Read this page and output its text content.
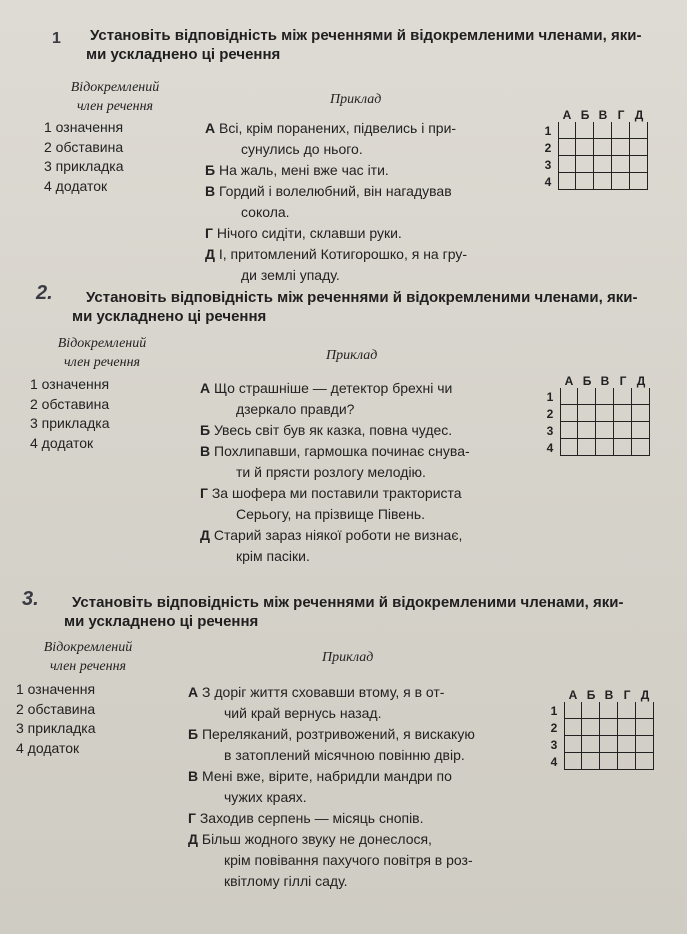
1 Установіть відповідність між реченнями й відокремленими членами, яки-
ми ускладнено ці речення
Відокремлений
член речення	Приклад
1 означення
2 обставина
3 прикладка
4 додаток
А Всі, крім поранених, підвелись і при-
сунулись до нього.
Б На жаль, мені вже час іти.
В Гордий і волелюбний, він нагадував
сокола.
Г Нічого сидіти, склавши руки.
Д І, притомлений Котигорошко, я на гру-
ди землі упаду.
	А	Б	В	Г	Д
1					
2					
3					
4					
2. Установіть відповідність між реченнями й відокремленими членами, яки-
ми ускладнено ці речення
Відокремлений
член речення	Приклад
1 означення
2 обставина
3 прикладка
4 додаток
А Що страшніше — детектор брехні чи
дзеркало правди?
Б Увесь світ був як казка, повна чудес.
В Похлипавши, гармошка починає снува-
ти й прясти розлогу мелодію.
Г За шофера ми поставили тракториста
Серьогу, на прізвище Півень.
Д Старий зараз ніякої роботи не визнає,
крім пасіки.
	А	Б	В	Г	Д
1					
2					
3					
4					
3. Установіть відповідність між реченнями й відокремленими членами, яки-
ми ускладнено ці речення
Відокремлений
член речення
Приклад
1 означення
2 обставина
3 прикладка
4 додаток
А З доріг життя сховавши втому, я в от-
чий край вернусь назад.
Б Переляканий, розтривожений, я вискакую
в затоплений місячною повінню двір.
В Мені вже, вірите, набридли мандри по
чужих краях.
Г Заходив серпень — місяць снопів.
Д Більш жодного звуку не донеслося,
крім повівання пахучого повітря в роз-
квітлому гіллі саду.
	А	Б	В	Г	Д
1					
2					
3					
4					
